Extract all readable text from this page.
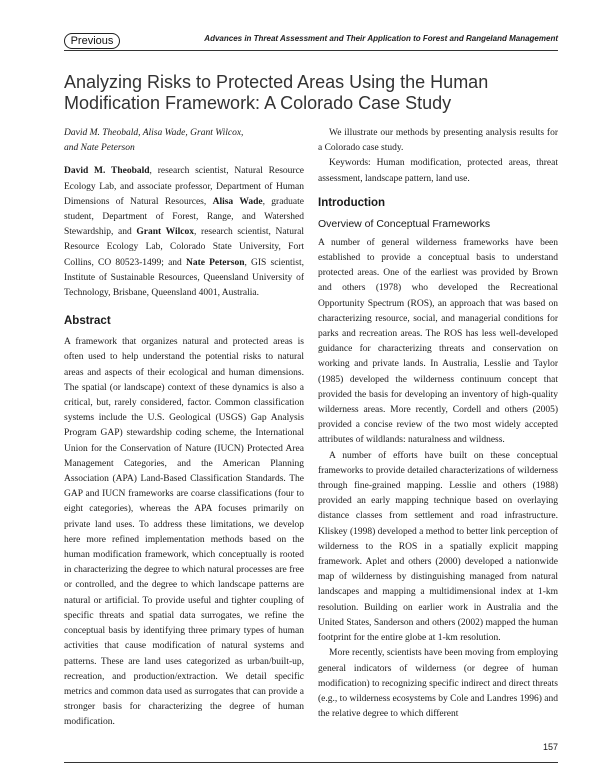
Previous	Advances in Threat Assessment and Their Application to Forest and Rangeland Management
Analyzing Risks to Protected Areas Using the Human Modification Framework: A Colorado Case Study
David M. Theobald, Alisa Wade, Grant Wilcox,
and Nate Peterson

David M. Theobald, research scientist, Natural Resource Ecology Lab, and associate professor, Department of Human Dimensions of Natural Resources, Alisa Wade, graduate student, Department of Forest, Range, and Watershed Stewardship, and Grant Wilcox, research scientist, Natural Resource Ecology Lab, Colorado State University, Fort Collins, CO 80523-1499; and Nate Peterson, GIS scientist, Institute of Sustainable Resources, Queensland University of Technology, Brisbane, Queensland 4001, Australia.

Abstract

A framework that organizes natural and protected areas is often used to help understand the potential risks to natural areas and aspects of their ecological and human dimensions. The spatial (or landscape) context of these dynamics is also a critical, but, rarely considered, factor. Common classification systems include the U.S. Geological (USGS) Gap Analysis Program GAP) stewardship coding scheme, the International Union for the Conservation of Nature (IUCN) Protected Area Management Categories, and the American Planning Association (APA) Land-Based Classification Standards. The GAP and IUCN frameworks are coarse classifications (four to eight categories), whereas the APA focuses primarily on private land uses. To address these limitations, we develop here more refined implementation methods based on the human modification framework, which conceptually is rooted in characterizing the degree to which natural processes are free or controlled, and the degree to which landscape patterns are natural or artificial. To provide useful and tighter coupling of specific threats and spatial data surrogates, we refine the conceptual basis by identifying three primary types of human activities that cause modification of natural systems and patterns. These are land uses categorized as urban/built-up, recreation, and production/extraction. We detail specific metrics and common data used as surrogates that can provide a stronger basis for characterizing the degree of human modification.

We illustrate our methods by presenting analysis results for a Colorado case study.

Keywords: Human modification, protected areas, threat assessment, landscape pattern, land use.

Introduction
Overview of Conceptual Frameworks

A number of general wilderness frameworks have been established to provide a conceptual basis to understand protected areas. One of the earliest was provided by Brown and others (1978) who developed the Recreational Opportunity Spectrum (ROS), an approach that was based on characterizing resource, social, and managerial conditions for parks and recreation areas. The ROS has less well-developed guidance for characterizing threats and conservation on working and private lands. In Australia, Lesslie and Taylor (1985) developed the wilderness continuum concept that provided the basis for developing an inventory of high-quality wilderness areas. More recently, Cordell and others (2005) provided a concise review of the two most widely accepted attributes of wildlands: naturalness and wildness.

A number of efforts have built on these conceptual frameworks to provide detailed characterizations of wilderness through fine-grained mapping. Lesslie and others (1988) provided an early mapping technique based on overlaying distance classes from settlement and road infrastructure. Kliskey (1998) developed a method to better link perception of wilderness to the ROS in a spatially explicit mapping framework. Aplet and others (2000) developed a nationwide map of wilderness by distinguishing managed from natural landscapes and mapping a multidimensional index at 1-km resolution. Building on earlier work in Australia and the United States, Sanderson and others (2002) mapped the human footprint for the entire globe at 1-km resolution.

More recently, scientists have been moving from employing general indicators of wilderness (or degree of human modification) to recognizing specific indirect and direct threats (e.g., to wilderness ecosystems by Cole and Landres 1996) and the relative degree to which different

157
